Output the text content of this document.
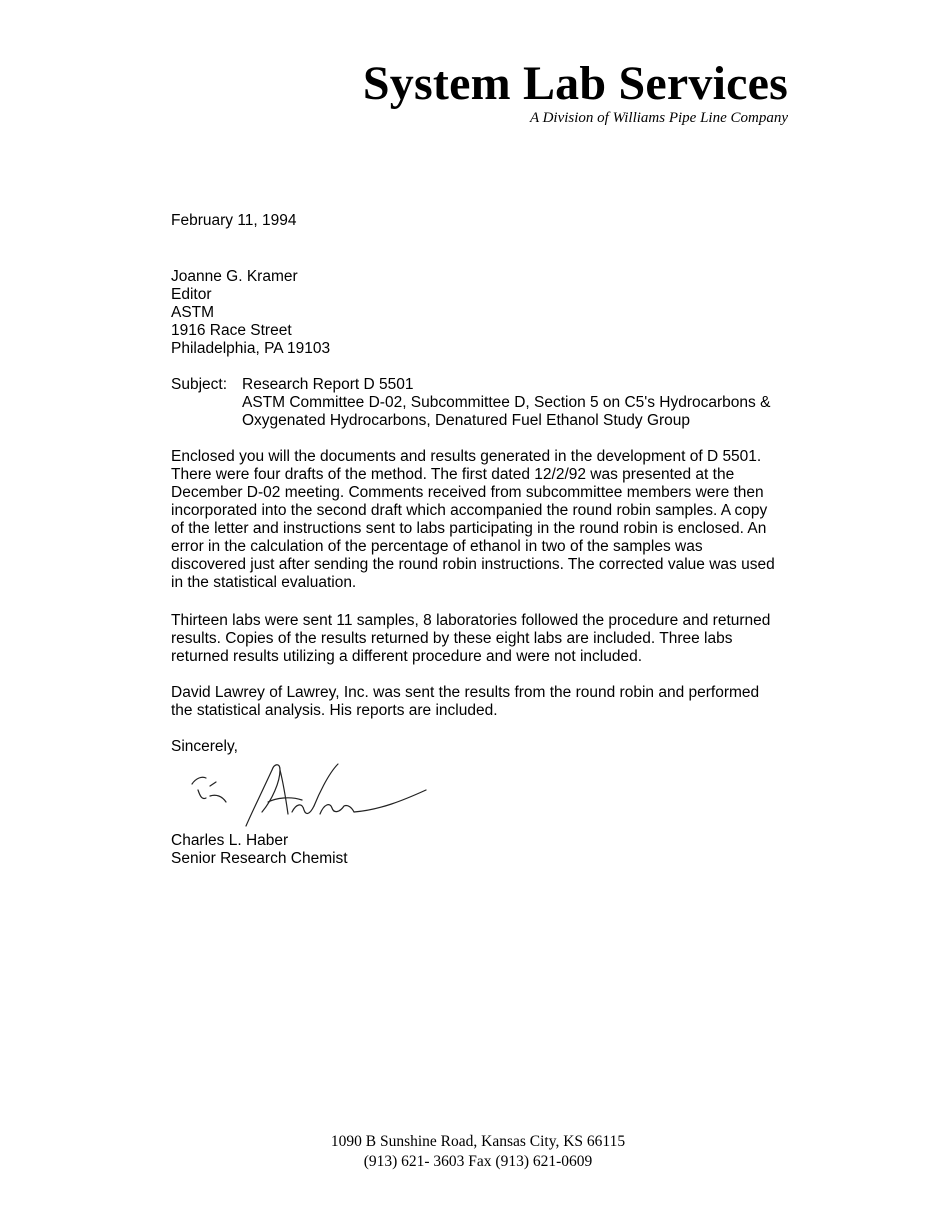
System Lab Services
A Division of Williams Pipe Line Company
February 11, 1994
Joanne G. Kramer
Editor
ASTM
1916 Race Street
Philadelphia, PA 19103
Subject: Research Report D 5501
ASTM Committee D-02, Subcommittee D, Section 5 on C5's Hydrocarbons &
Oxygenated Hydrocarbons, Denatured Fuel Ethanol Study Group
Enclosed you will the documents and results generated in the development of D 5501.
There were four drafts of the method. The first dated 12/2/92 was presented at the
December D-02 meeting. Comments received from subcommittee members were then
incorporated into the second draft which accompanied the round robin samples. A copy
of the letter and instructions sent to labs participating in the round robin is enclosed. An
error in the calculation of the percentage of ethanol in two of the samples was
discovered just after sending the round robin instructions. The corrected value was used
in the statistical evaluation.
Thirteen labs were sent 11 samples, 8 laboratories followed the procedure and returned
results. Copies of the results returned by these eight labs are included. Three labs
returned results utilizing a different procedure and were not included.
David Lawrey of Lawrey, Inc. was sent the results from the round robin and performed
the statistical analysis. His reports are included.
Sincerely,
Charles L. Haber
Senior Research Chemist
1090 B Sunshine Road, Kansas City, KS 66115
(913) 621- 3603 Fax (913) 621-0609
